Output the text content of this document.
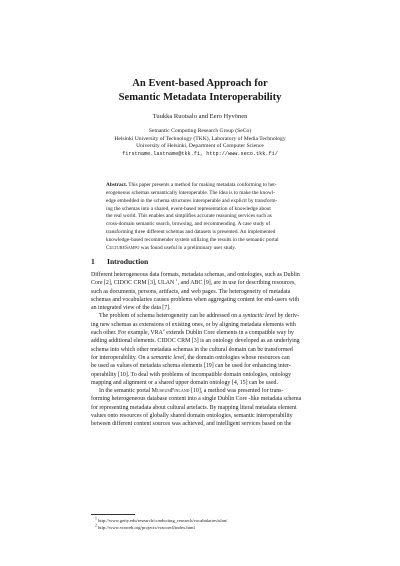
An Event-based Approach for
Semantic Metadata Interoperability
Tuukka Ruotsalo and Eero Hyvönen
Semantic Computing Research Group (SeCo)
Helsinki University of Technology (TKK), Laboratory of Media Technology
University of Helsinki, Department of Computer Science
firstname.lastname@tkk.fi, http://www.seco.tkk.fi/
Abstract. This paper presents a method for making metadata conforming to het-
erogeneous schemas semantically interoperable. The idea is to make the knowl-
edge embedded in the schema structures interoperable and explicit by transform-
ing the schemas into a shared, event-based representation of knowledge about
the real world. This enables and simplifies accurate reasoning services such as
cross-domain semantic search, browsing, and recommending. A case study of
transforming three different schemas and datasets is presented. An implemented
knowledge-based recommender system utilizing the results in the semantic portal
CultureSampo was found useful in a preliminary user study.
1 Introduction
Different heterogeneous data formats, metadata schemas, and ontologies, such as Dublin
Core [2], CIDOC CRM [3], ULAN $^1$, and ABC [9], are in use for describing resources,
such as documents, persons, artifacts, and web pages. The heterogeneity of metadata
schemas and vocabularies causes problems when aggregating content for end-users with
an integrated view of the data [7].
The problem of schema heterogeneity can be addressed on a syntactic level by deriv-
ing new schemas as extensions of existing ones, or by aligning metadata elements with
each other. For example, VRA$^2$ extends Dublin Core elements in a compatible way by
adding additional elements. CIDOC CRM [3] is an ontology developed as an underlying
schema into which other metadata schemas in the cultural domain can be transformed
for interoperability. On a semantic level, the domain ontologies whose resources can
be used as values of metadata schema elements [19] can be used for enhancing inter-
operability [10]. To deal with problems of incompatible domain ontologies, ontology
mapping and alignment or a shared upper domain ontology [4, 15] can be used.
In the semantic portal MuseumFinland [10], a method was presented for trans-
forming heterogeneous database content into a single Dublin Core -like metadata schema
for representing metadata about cultural artefacts. By mapping literal metadata element
values onto resources of globally shared domain ontologies, semantic interoperability
between different content sources was achieved, and intelligent services based on the
$^1$ http://www.getty.edu/research/conducting_research/vocabularies/ulan/
$^2$ http://www.vraweb.org/projects/vracore4/index.html
